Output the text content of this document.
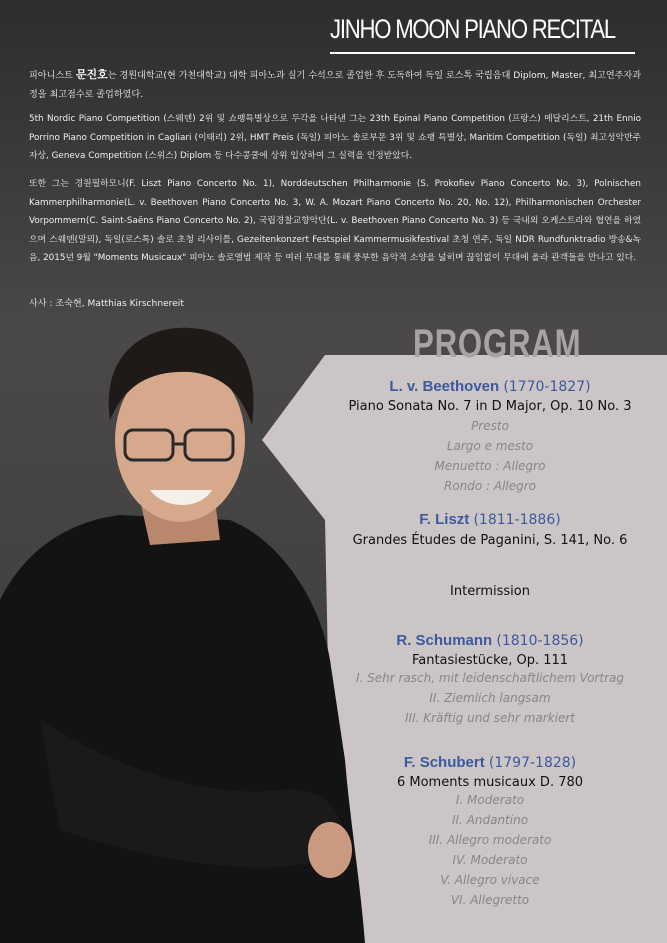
JINHO MOON PIANO RECITAL

피아니스트 문진호는 경원대학교(현 가천대학교) 대학 피아노과 실기 수석으로 졸업한 후 도독하여 독일 로스톡 국립음대 Diplom, Master, 최고연주자과정을 최고점수로 졸업하였다.

5th Nordic Piano Competition (스웨덴) 2위 및 쇼팽특별상으로 두각을 나타낸 그는 23th Epinal Piano Competition (프랑스) 메달리스트, 21th Ennio Porrino Piano Competition in Cagliari (이태리) 2위, HMT Preis (독일) 피아노 솔로부문 3위 및 쇼팽 특별상, Maritim Competition (독일) 최고성악반주자상, Geneva Competition (스위스) Diplom 등 다수콩쿨에 상위 입상하여 그 실력을 인정받았다.

또한 그는 경원필하모니(F. Liszt Piano Concerto No. 1), Norddeutschen Philharmonie (S. Prokofiev Piano Concerto No. 3), Polnischen Kammerphilharmonie(L. v. Beethoven Piano Concerto No. 3, W. A. Mozart Piano Concerto No. 20, No. 12), Philharmonischen Orchester Vorpommern(C. Saint-Saëns Piano Concerto No. 2), 국립경찰교향악단(L. v. Beethoven Piano Concerto No. 3) 등 국내외 오케스트라와 협연을 하였으며 스웨덴(말뫼), 독일(로스톡) 솔로 초청 리사이틀, Gezeitenkonzert Festspiel Kammermusikfestival 초청 연주, 독일 NDR Rundfunktradio 방송&녹음, 2015년 9월 "Moments Musicaux" 피아노 솔로앨범 제작 등 여러 무대를 통해 풍부한 음악적 소양을 넓히며 끊임없이 무대에 올라 관객들을 만나고 있다.

사사 : 조숙현, Matthias Kirschnereit

PROGRAM
L. v. Beethoven (1770-1827)
Piano Sonata No. 7 in D Major, Op. 10 No. 3
Presto
Largo e mesto
Menuetto : Allegro
Rondo : Allegro
F. Liszt (1811-1886)
Grandes Études de Paganini, S. 141, No. 6
Intermission
R. Schumann (1810-1856)
Fantasiestücke, Op. 111
I. Sehr rasch, mit leidenschaftlichem Vortrag
II. Ziemlich langsam
III. Kräftig und sehr markiert
F. Schubert (1797-1828)
6 Moments musicaux D. 780
I. Moderato
II. Andantino
III. Allegro moderato
IV. Moderato
V. Allegro vivace
VI. Allegretto
